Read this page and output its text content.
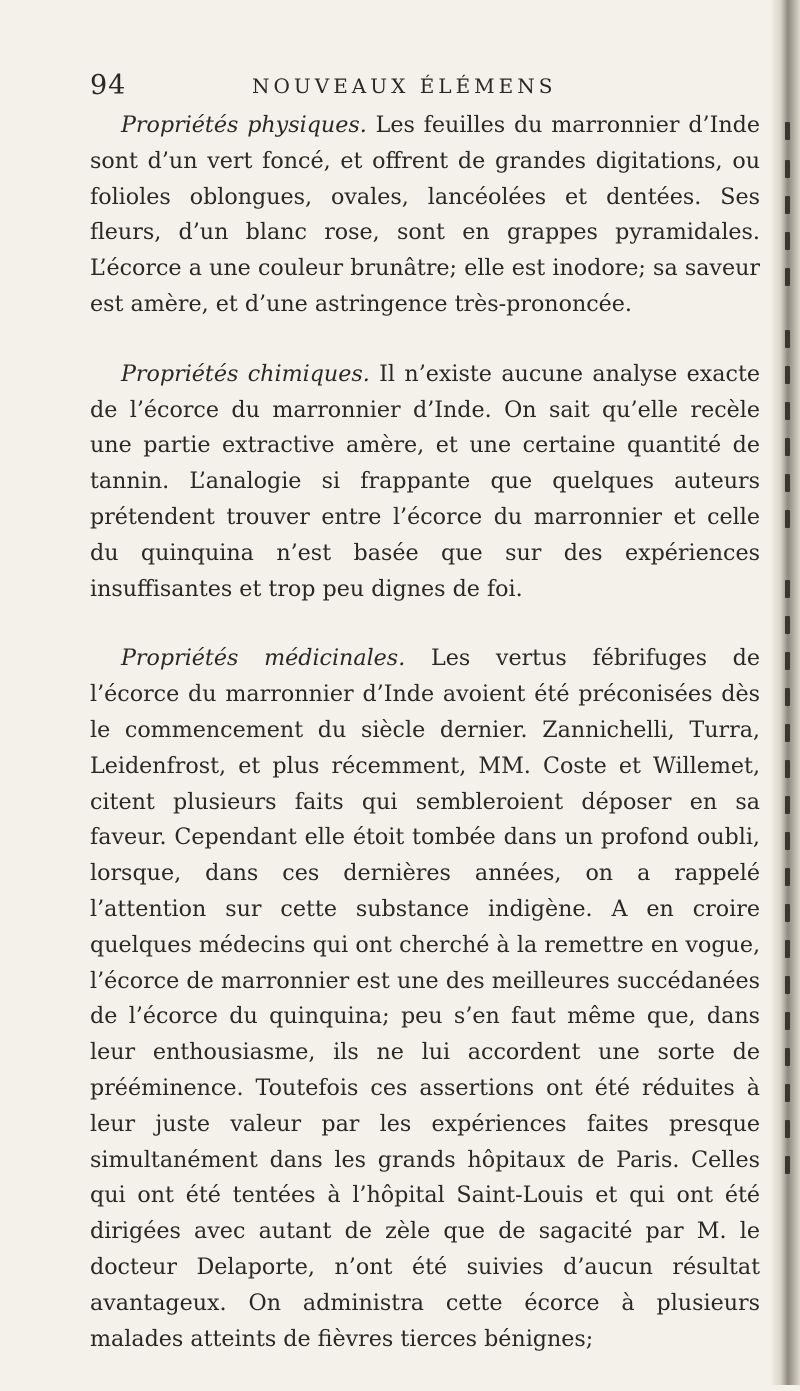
94	NOUVEAUX ÉLÉMENS

Propriétés physiques. Les feuilles du marronnier d’Inde sont d’un vert foncé, et offrent de grandes digitations, ou folioles oblongues, ovales, lancéolées et dentées. Ses fleurs, d’un blanc rose, sont en grappes pyramidales. L’écorce a une couleur brunâtre; elle est inodore; sa saveur est amère, et d’une astringence très-prononcée.

Propriétés chimiques. Il n’existe aucune analyse exacte de l’écorce du marronnier d’Inde. On sait qu’elle recèle une partie extractive amère, et une certaine quantité de tannin. L’analogie si frappante que quelques auteurs prétendent trouver entre l’écorce du marronnier et celle du quinquina n’est basée que sur des expériences insuffisantes et trop peu dignes de foi.

Propriétés médicinales. Les vertus fébrifuges de l’écorce du marronnier d’Inde avoient été préconisées dès le commencement du siècle dernier. Zannichelli, Turra, Leidenfrost, et plus récemment, MM. Coste et Willemet, citent plusieurs faits qui sembleroient déposer en sa faveur. Cependant elle étoit tombée dans un profond oubli, lorsque, dans ces dernières années, on a rappelé l’attention sur cette substance indigène. A en croire quelques médecins qui ont cherché à la remettre en vogue, l’écorce de marronnier est une des meilleures succédanées de l’écorce du quinquina; peu s’en faut même que, dans leur enthousiasme, ils ne lui accordent une sorte de prééminence. Toutefois ces assertions ont été réduites à leur juste valeur par les expériences faites presque simultanément dans les grands hôpitaux de Paris. Celles qui ont été tentées à l’hôpital Saint-Louis et qui ont été dirigées avec autant de zèle que de sagacité par M. le docteur Delaporte, n’ont été suivies d’aucun résultat avantageux. On administra cette écorce à plusieurs malades atteints de fièvres tierces bénignes;
